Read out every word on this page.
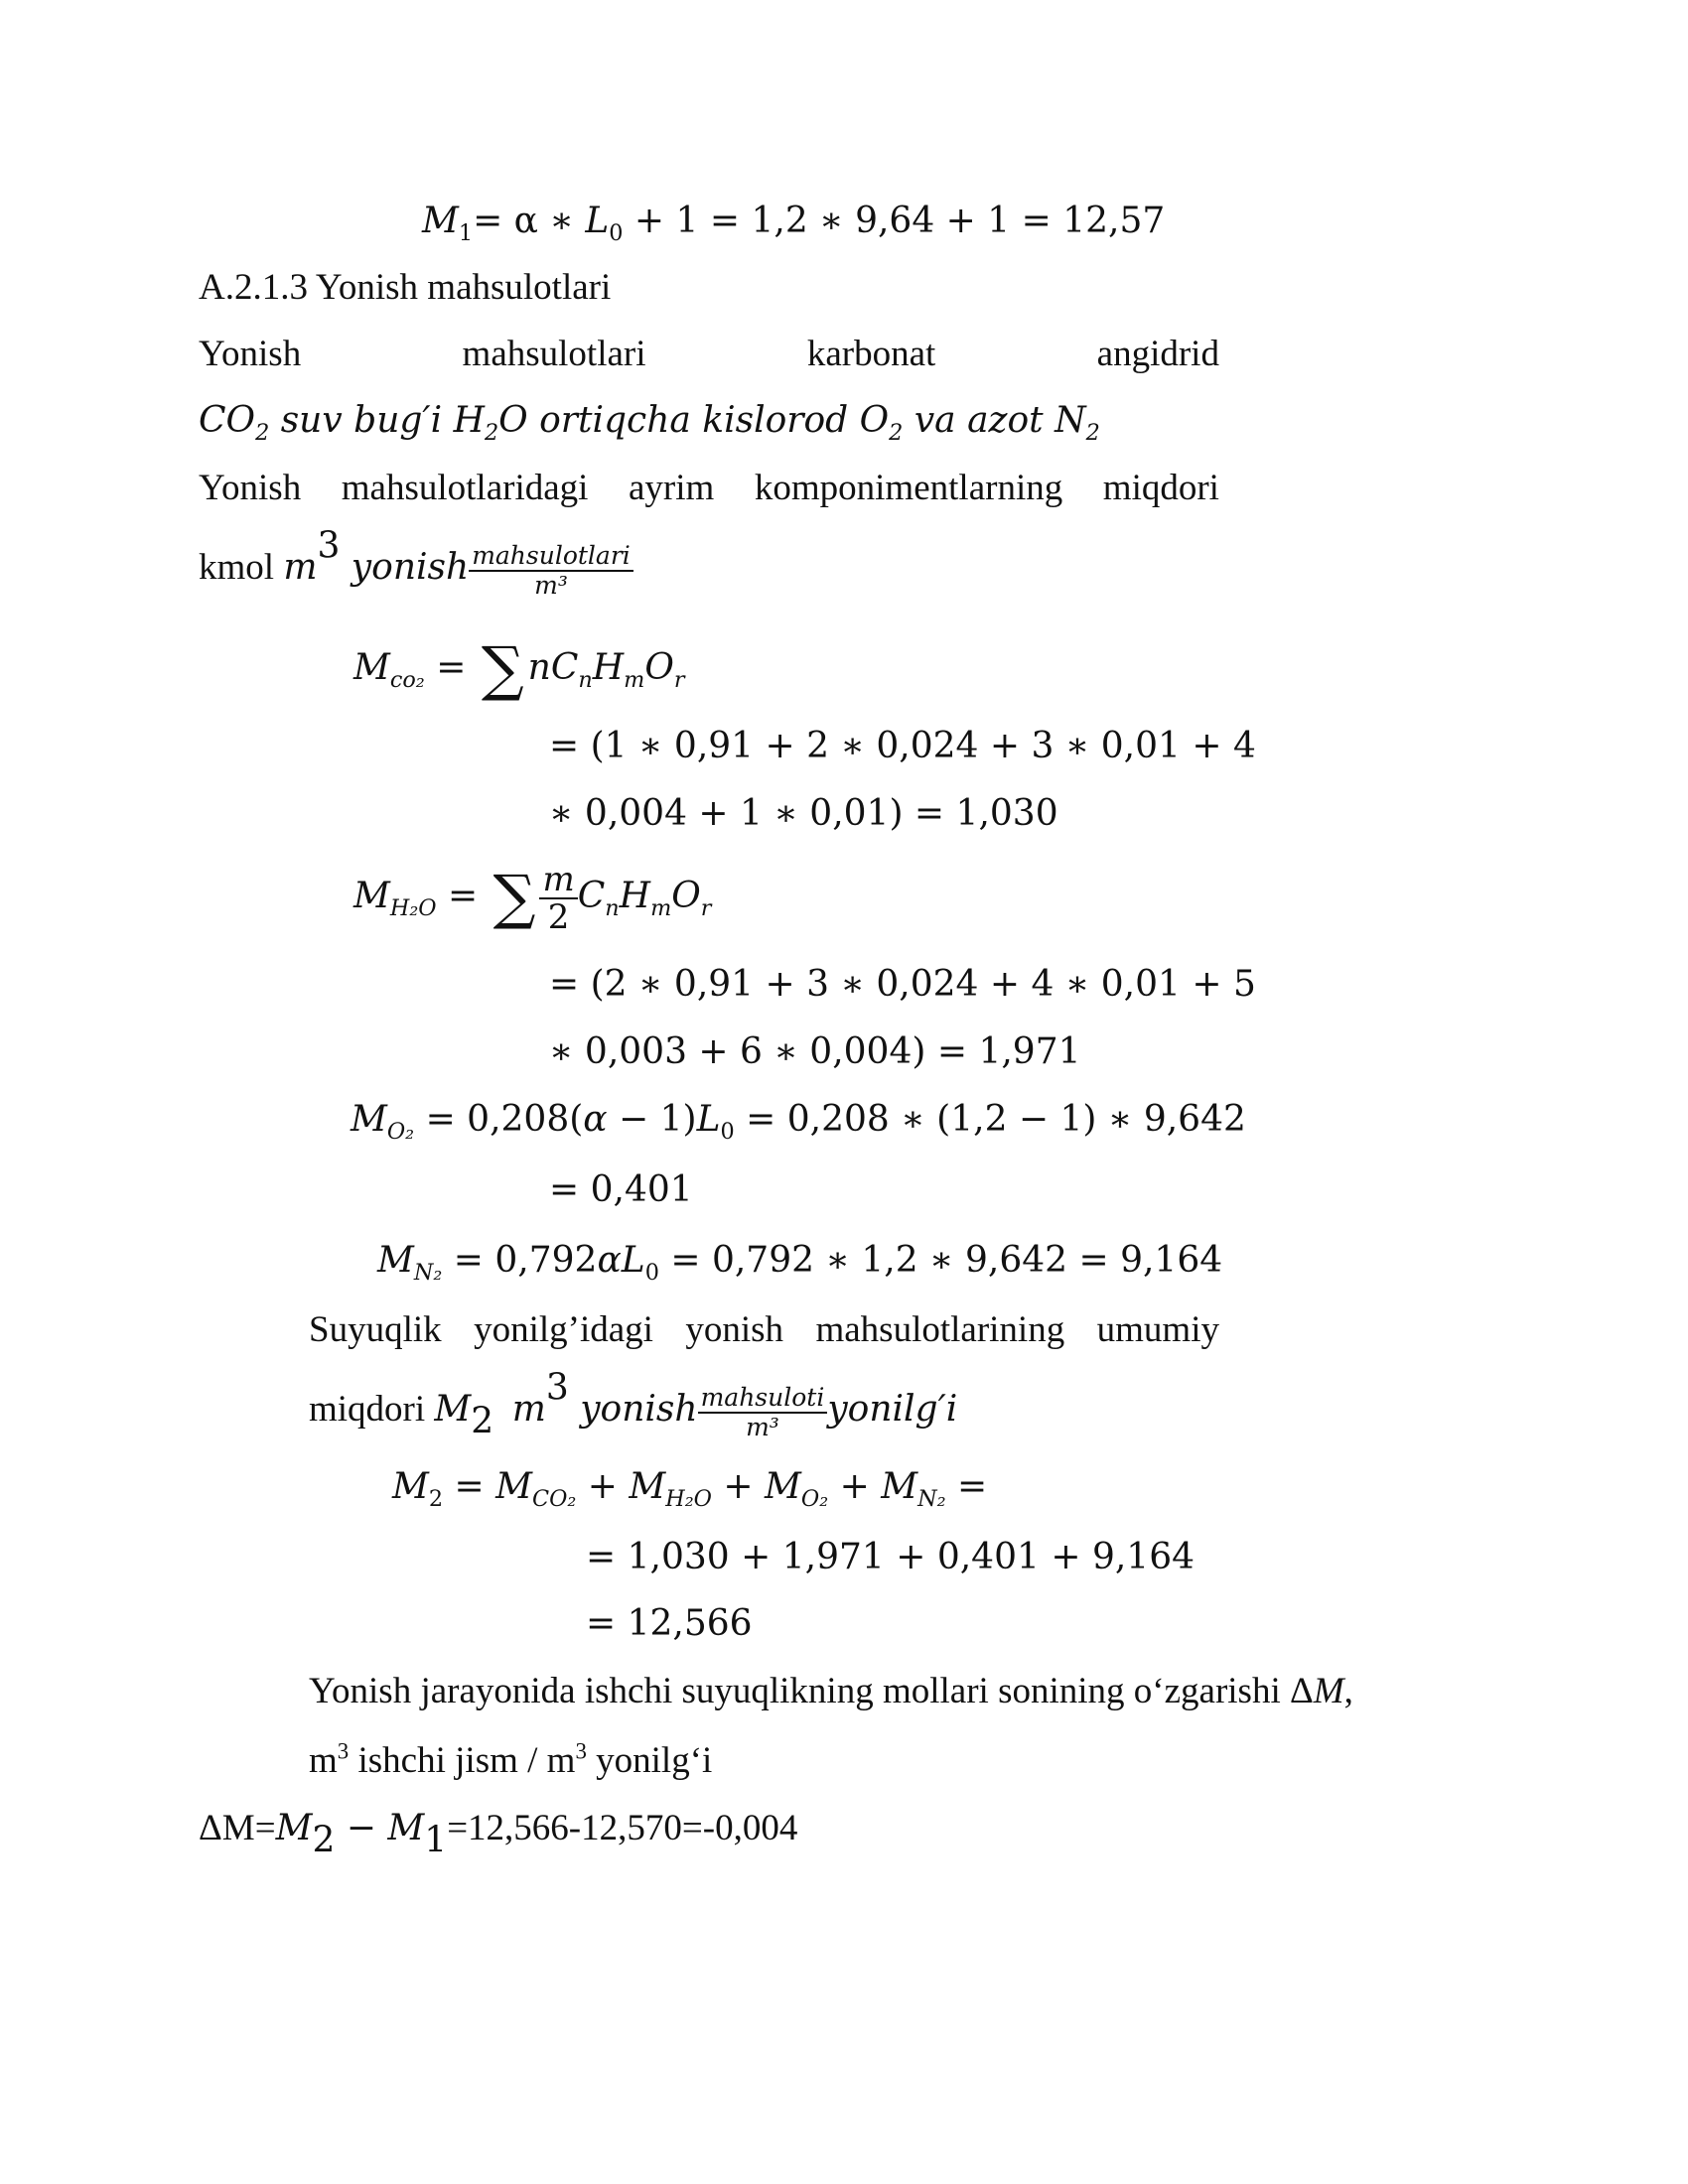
$M_1= \alpha$ ∗ $L_0 + 1 = 1,2$ ∗ 9,64 + 1 = 12,57
A.2.1.3 Yonish mahsulotlari
Yonish	mahsulotlari	karbonat	angidrid
$CO_2$ suv bug′i $H_2O$ ortiqcha kislorod $O_2$ va azot $N_2$
Yonish mahsulotlaridagi ayrim komponimentlarning miqdori
kmol $m^3$ yonish $\frac{\text{mahsulotlari}}{\text{m³}}$
$M_{co_2}$ = ∑ $nC_nH_mO_r$
= (1 ∗ 0,91 + 2 ∗ 0,024 + 3 ∗ 0,01 + 4
∗ 0,004 + 1 ∗ 0,01) = 1,030
$M_{H_2O}$ = ∑ $\frac{m}{2} C_nH_mO_r$
= (2 ∗ 0,91 + 3 ∗ 0,024 + 4 ∗ 0,01 + 5
∗ 0,003 + 6 ∗ 0,004) = 1,971
$M_{O_2} = 0,208(\alpha - 1)L_0 = 0,208$ ∗ (1,2 − 1) ∗ 9,642
= 0,401
$M_{N_2} = 0,792\alpha L_0 = 0,792$ ∗ 1,2 ∗ 9,642 = 9,164
Suyuqlik yonilg’idagi yonish mahsulotlarining umumiy
miqdori $M_2$ $m^3$ yonish $\frac{\text{mahsuloti}}{\text{m³}}$ yonilg′i
$M_2 = M_{CO_2} + M_{H_2O} + M_{O_2} + M_{N_2}$ =
= 1,030 + 1,971 + 0,401 + 9,164
= 12,566
Yonish jarayonida ishchi suyuqlikning mollari sonining o‘zgarishi ΔM,
$m^3$ ishchi jism / $m^3$ yonilg‘i
$\Delta M=M_2 - M_1=12,566-12,570=-0,004$
